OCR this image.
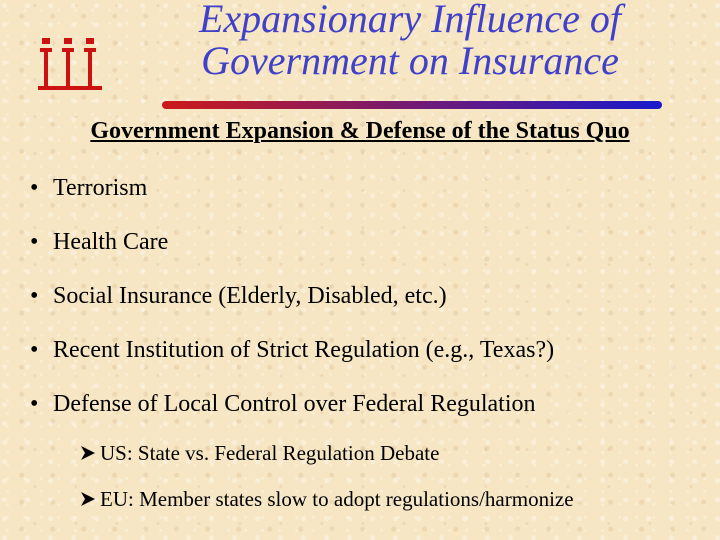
Expansionary Influence of
Government on Insurance
Government Expansion & Defense of the Status Quo
• Terrorism
• Health Care
• Social Insurance (Elderly, Disabled, etc.)
• Recent Institution of Strict Regulation (e.g., Texas?)
• Defense of Local Control over Federal Regulation
US: State vs. Federal Regulation Debate
EU: Member states slow to adopt regulations/harmonize
